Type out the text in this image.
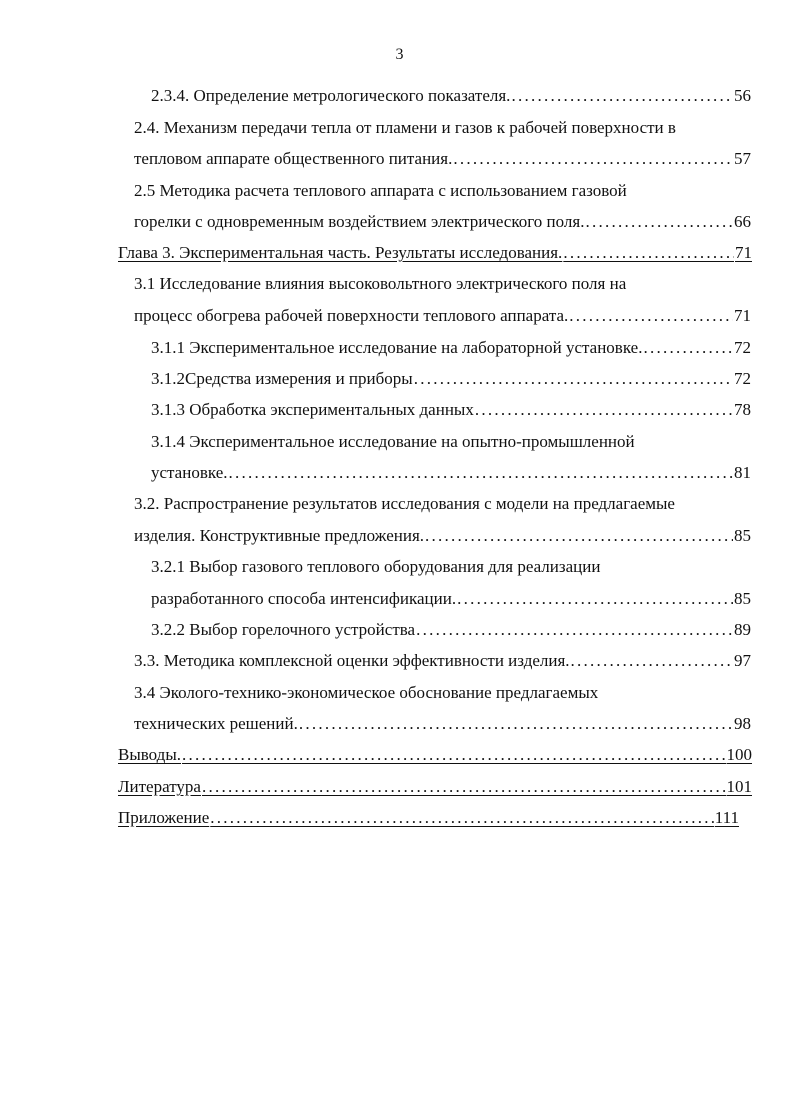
3
2.3.4. Определение метрологического показателя. . . .	56
2.4. Механизм передачи тепла от пламени и газов к рабочей поверхности в
тепловом аппарате общественного питания. . . .	57
2.5 Методика расчета теплового аппарата с использованием газовой
горелки с одновременным воздействием электрического поля. . . .	66
Глава 3. Экспериментальная часть. Результаты исследования. . . .	71
3.1 Исследование влияния высоковольтного электрического поля на
процесс обогрева рабочей поверхности теплового аппарата. . . .	71
3.1.1 Экспериментальное исследование на лабораторной установке. . . .	72
3.1.2Средства измерения и приборы . . .	72
3.1.3 Обработка экспериментальных данных . . .	78
3.1.4 Экспериментальное исследование на опытно-промышленной
установке. . . .	81
3.2. Распространение результатов исследования с модели на предлагаемые
изделия. Конструктивные предложения. . . .	85
3.2.1 Выбор газового теплового оборудования для реализации
разработанного способа интенсификации. . . .	85
3.2.2 Выбор горелочного устройства . . .	89
3.3. Методика комплексной оценки эффективности изделия. . . .	97
3.4 Эколого-технико-экономическое обоснование предлагаемых
технических решений. . . .	98
Выводы. . . .	100
Литература . . .	101
Приложение . . .	111
